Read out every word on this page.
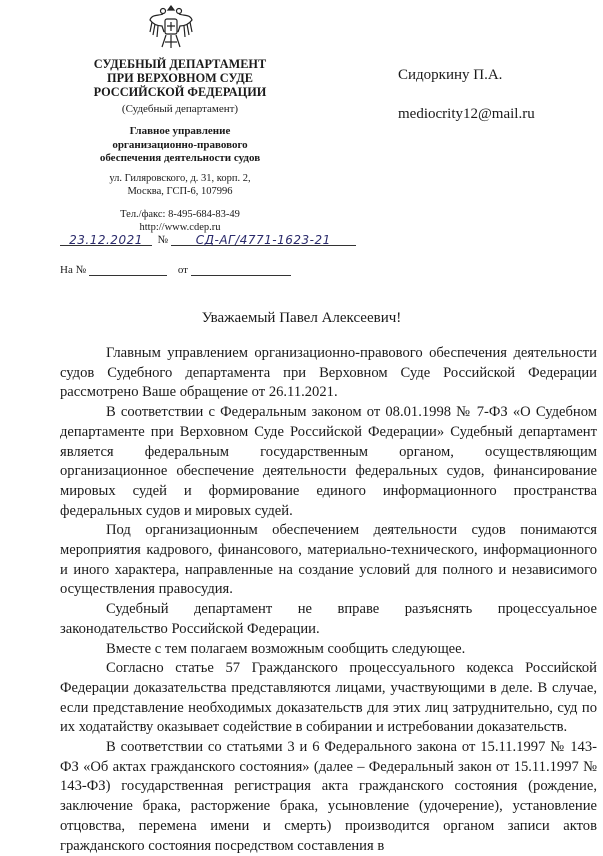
СУДЕБНЫЙ ДЕПАРТАМЕНТ
ПРИ ВЕРХОВНОМ СУДЕ
РОССИЙСКОЙ ФЕДЕРАЦИИ
(Судебный департамент)
Главное управление
организационно-правового
обеспечения деятельности судов
ул. Гиляровского, д. 31, корп. 2,
Москва, ГСП-6, 107996
Тел./факс: 8-495-684-83-49
http://www.cdep.ru
Сидоркину П.А.
mediocrity12@mail.ru
23.12.2021 № СД-АГ/4771-1623-21
На №	от
Уважаемый Павел Алексеевич!

Главным управлением организационно-правового обеспечения деятельности судов Судебного департамента при Верховном Суде Российской Федерации рассмотрено Ваше обращение от 26.11.2021.

В соответствии с Федеральным законом от 08.01.1998 № 7-ФЗ «О Судебном департаменте при Верховном Суде Российской Федерации» Судебный департамент является федеральным государственным органом, осуществляющим организационное обеспечение деятельности федеральных судов, финансирование мировых судей и формирование единого информационного пространства федеральных судов и мировых судей.

Под организационным обеспечением деятельности судов понимаются мероприятия кадрового, финансового, материально-технического, информационного и иного характера, направленные на создание условий для полного и независимого осуществления правосудия.

Судебный департамент не вправе разъяснять процессуальное законодательство Российской Федерации.

Вместе с тем полагаем возможным сообщить следующее.

Согласно статье 57 Гражданского процессуального кодекса Российской Федерации доказательства представляются лицами, участвующими в деле. В случае, если представление необходимых доказательств для этих лиц затруднительно, суд по их ходатайству оказывает содействие в собирании и истребовании доказательств.

В соответствии со статьями 3 и 6 Федерального закона от 15.11.1997 № 143-ФЗ «Об актах гражданского состояния» (далее – Федеральный закон от 15.11.1997 № 143-ФЗ) государственная регистрация акта гражданского состояния (рождение, заключение брака, расторжение брака, усыновление (удочерение), установление отцовства, перемена имени и смерть) производится органом записи актов гражданского состояния посредством составления в
